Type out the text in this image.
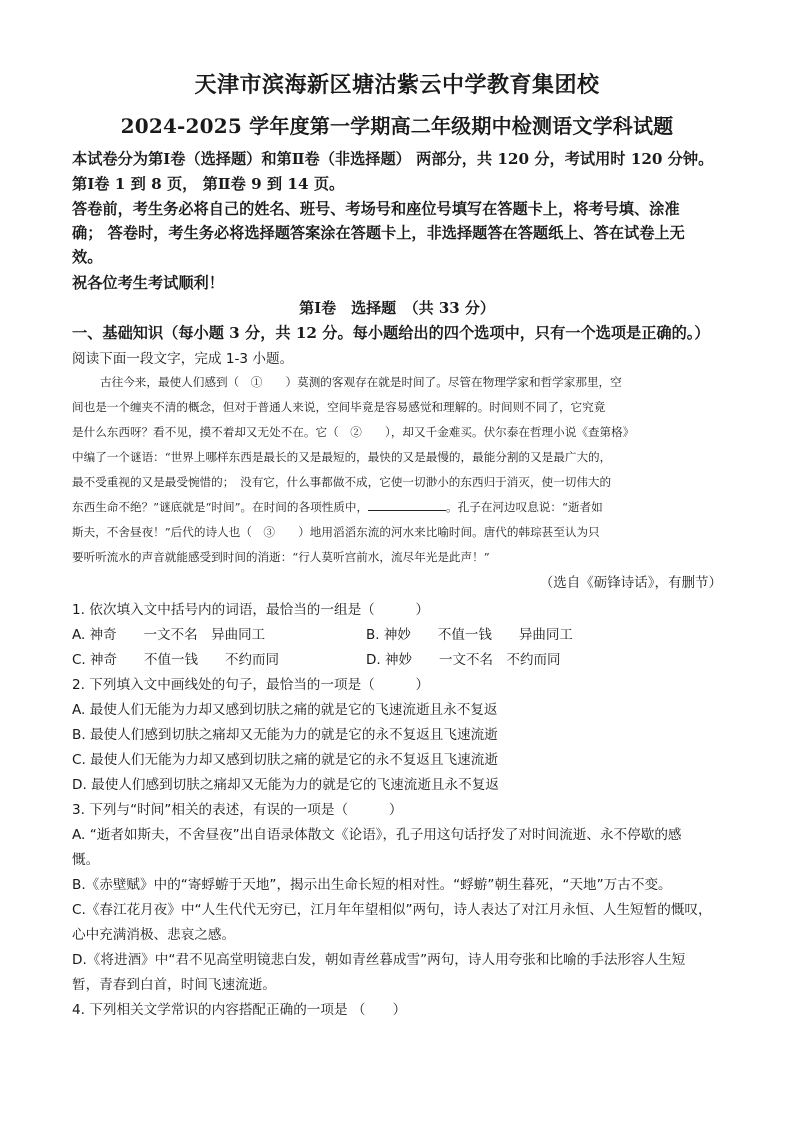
天津市滨海新区塘沽紫云中学教育集团校
2024-2025 学年度第一学期高二年级期中检测语文学科试题
本试卷分为第Ⅰ卷（选择题）和第Ⅱ卷（非选择题） 两部分，共 120 分，考试用时 120 分钟。
第Ⅰ卷 1 到 8 页， 第Ⅱ卷 9 到 14 页。
答卷前，考生务必将自己的姓名、班号、考场号和座位号填写在答题卡上，将考号填、涂准
确； 答卷时，考生务必将选择题答案涂在答题卡上，非选择题答在答题纸上、答在试卷上无
效。
祝各位考生考试顺利！
第Ⅰ卷　选择题　（共 33 分）
一、基础知识（每小题 3 分，共 12 分。每小题给出的四个选项中，只有一个选项是正确的。）
阅读下面一段文字，完成 1-3 小题。
古往今来，最使人们感到（　①　　）莫测的客观存在就是时间了。尽管在物理学家和哲学家那里，空
间也是一个缠夹不清的概念，但对于普通人来说，空间毕竟是容易感觉和理解的。时间则不同了，它究竟
是什么东西呀？看不见，摸不着却又无处不在。它（　②　　），却又千金难买。伏尔泰在哲理小说《查第格》
中编了一个谜语：“世界上哪样东西是最长的又是最短的，最快的又是最慢的，最能分割的又是最广大的，
最不受重视的又是最受惋惜的；　没有它，什么事都做不成，它使一切渺小的东西归于消灭，使一切伟大的
东西生命不绝？”谜底就是“时间”。在时间的各项性质中，	。孔子在河边叹息说：“逝者如
斯夫，不舍昼夜！”后代的诗人也（　③　　）地用滔滔东流的河水来比喻时间。唐代的韩琮甚至认为只
要听听流水的声音就能感受到时间的消逝：“行人莫听宫前水，流尽年光是此声！”
（选自《砺锋诗话》，有删节）
1. 依次填入文中括号内的词语，最恰当的一组是（　　　）
A. 神奇　　一文不名　异曲同工	B. 神妙　　不值一钱　　异曲同工
C. 神奇　　不值一钱　　不约而同	D. 神妙　　一文不名　不约而同
2. 下列填入文中画线处的句子，最恰当的一项是（　　　）
A. 最使人们无能为力却又感到切肤之痛的就是它的飞速流逝且永不复返
B. 最使人们感到切肤之痛却又无能为力的就是它的永不复返且飞速流逝
C. 最使人们无能为力却又感到切肤之痛的就是它的永不复返且飞速流逝
D. 最使人们感到切肤之痛却又无能为力的就是它的飞速流逝且永不复返
3. 下列与“时间”相关的表述，有误的一项是（　　　）
A. “逝者如斯夫，不舍昼夜”出自语录体散文《论语》，孔子用这句话抒发了对时间流逝、永不停歇的感
慨。
B.《赤壁赋》中的“寄蜉蝣于天地”，揭示出生命长短的相对性。“蜉蝣”朝生暮死，“天地”万古不变。
C.《春江花月夜》中“人生代代无穷已，江月年年望相似”两句，诗人表达了对江月永恒、人生短暂的慨叹，
心中充满消极、悲哀之感。
D.《将进酒》中“君不见高堂明镜悲白发，朝如青丝暮成雪”两句，诗人用夸张和比喻的手法形容人生短
暂，青春到白首，时间飞速流逝。
4. 下列相关文学常识的内容搭配正确的一项是 （　　）
